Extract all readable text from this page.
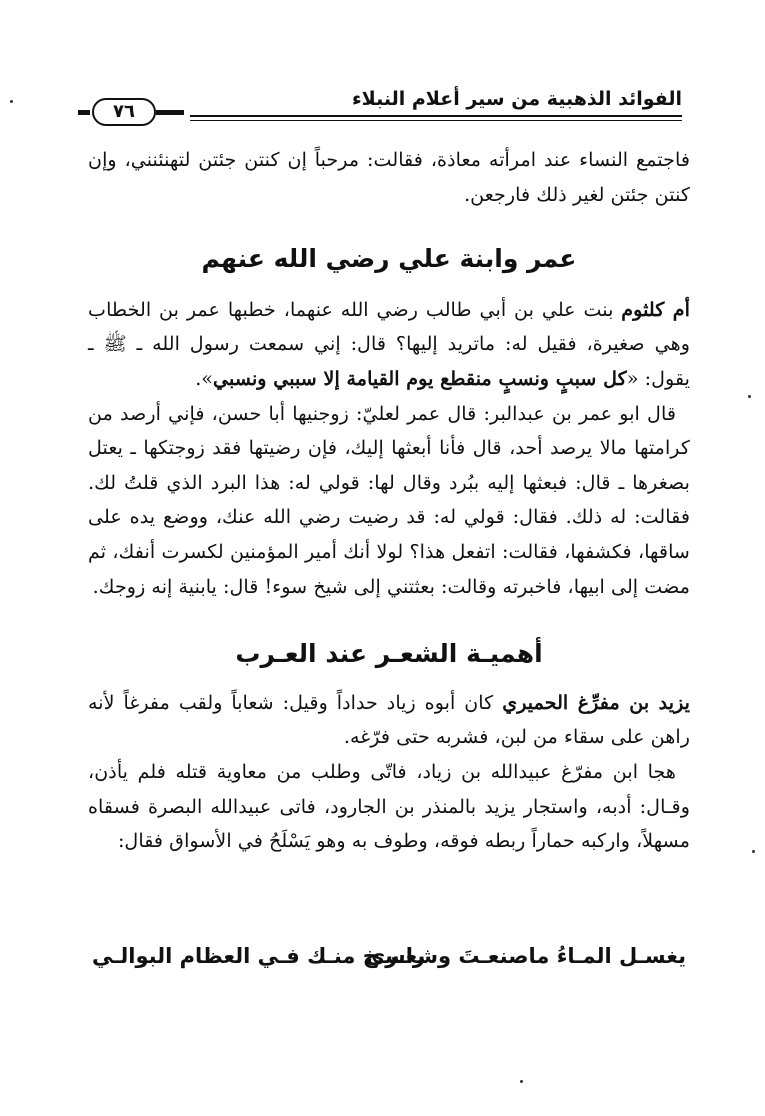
٧٦
الفوائد الذهبية من سير أعلام النبلاء

فاجتمع النساء عند امرأته معاذة، فقالت: مرحباً إن كنتن جئتن لتهنئنني، وإن كنتن جئتن لغير ذلك فارجعن.

عمر وابنة علي رضي الله عنهم

أم كلثوم بنت علي بن أبي طالب رضي الله عنهما، خطبها عمر بن الخطاب وهي صغيرة، فقيل له: ماتريد إليها؟ قال: إني سمعت رسول الله ـ ﷺ ـ يقول: «كل سببٍ ونسبٍ منقطع يوم القيامة إلا سببي ونسبي».

قال ابو عمر بن عبدالبر: قال عمر لعليّ: زوجنيها أبا حسن، فإني أرصد من كرامتها مالا يرصد أحد، قال فأنا أبعثها إليك، فإن رضيتها فقد زوجتكها ـ يعتل بصغرها ـ قال: فبعثها إليه ببُرد وقال لها: قولي له: هذا البرد الذي قلتُ لك. فقالت: له ذلك. فقال: قولي له: قد رضيت رضي الله عنك، ووضع يده على ساقها، فكشفها، فقالت: اتفعل هذا؟ لولا أنك أمير المؤمنين لكسرت أنفك، ثم مضت إلى ابيها، فاخبرته وقالت: بعثتني إلى شيخ سوء! قال: يابنية إنه زوجك.

أهميـة الشعـر عند العـرب

يزيد بن مفرِّغ الحميري كان أبوه زياد حداداً وقيل: شعاباً ولقب مفرغاً لأنه راهن على سقاء من لبن، فشربه حتى فرّغه.

هجا ابن مفرّغ عبيدالله بن زياد، فاتّى وطلب من معاوية قتله فلم يأذن، وقـال: أدبه، واستجار يزيد بالمنذر بن الجارود، فاتى عبيدالله البصرة فسقاه مسهلاً، واركبه حماراً ربطه فوقه، وطوف به وهو يَسْلَحُ في الأسواق فقال:

يغسـل المـاءُ ماصنعـتَ وشعـري
راسـخ منـك فـي العظام البوالـي
